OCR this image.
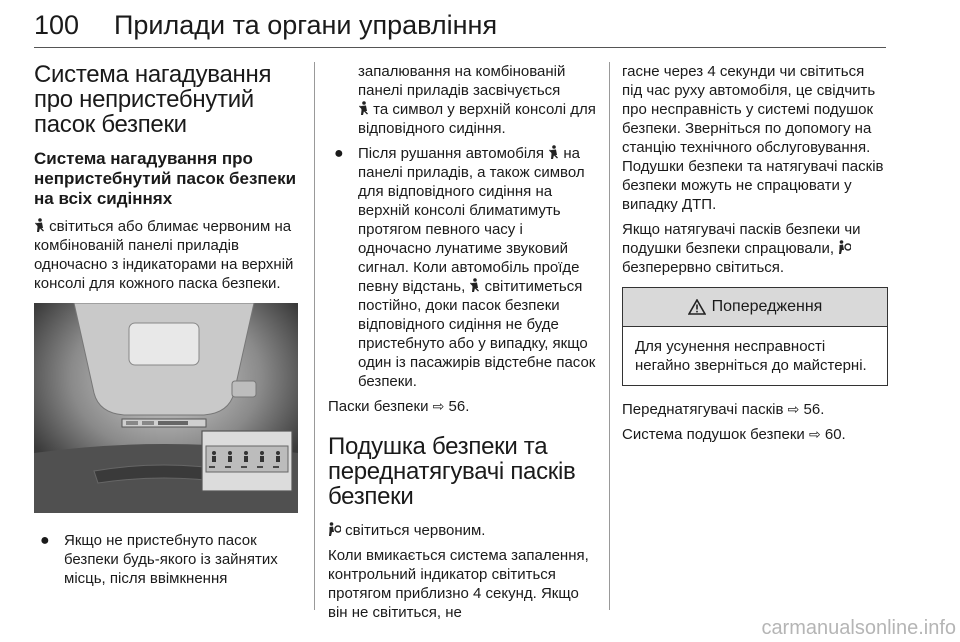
100 Прилади та органи управління
Система нагадування про непристебнутий пасок безпеки
Система нагадування про непристебнутий пасок безпеки на всіх сидіннях

світиться або блимає червоним на комбінованій панелі приладів одночасно з індикаторами на верхній консолі для кожного паска безпеки.

● Якщо не пристебнуто пасок безпеки будь-якого із зайнятих місць, після ввімкнення

запалювання на комбінованій панелі приладів засвічується
та символ у верхній консолі для відповідного сидіння.

● Після рушання автомобіля  на панелі приладів, а також символ для відповідного сидіння на верхній консолі блиматимуть протягом певного часу і одночасно лунатиме звуковий сигнал. Коли автомобіль проїде певну відстань,  світитиметься постійно, доки пасок безпеки відповідного сидіння не буде пристебнуто або у випадку, якщо один із пасажирів відстебне пасок безпеки.

Паски безпеки ⇨ 56.

Подушка безпеки та переднатягувачі пасків безпеки

світиться червоним.

Коли вмикається система запалення, контрольний індикатор світиться протягом приблизно 4 секунд. Якщо він не світиться, не

гасне через 4 секунди чи світиться під час руху автомобіля, це свідчить про несправність у системі подушок безпеки. Зверніться по допомогу на станцію технічного обслуговування. Подушки безпеки та натягувачі пасків безпеки можуть не спрацювати у випадку ДТП.

Якщо натягувачі пасків безпеки чи подушки безпеки спрацювали,  безперервно світиться.

Попередження

Для усунення несправності негайно зверніться до майстерні.

Переднатягувачі пасків ⇨ 56.

Система подушок безпеки ⇨ 60.

carmanualsonline.info
